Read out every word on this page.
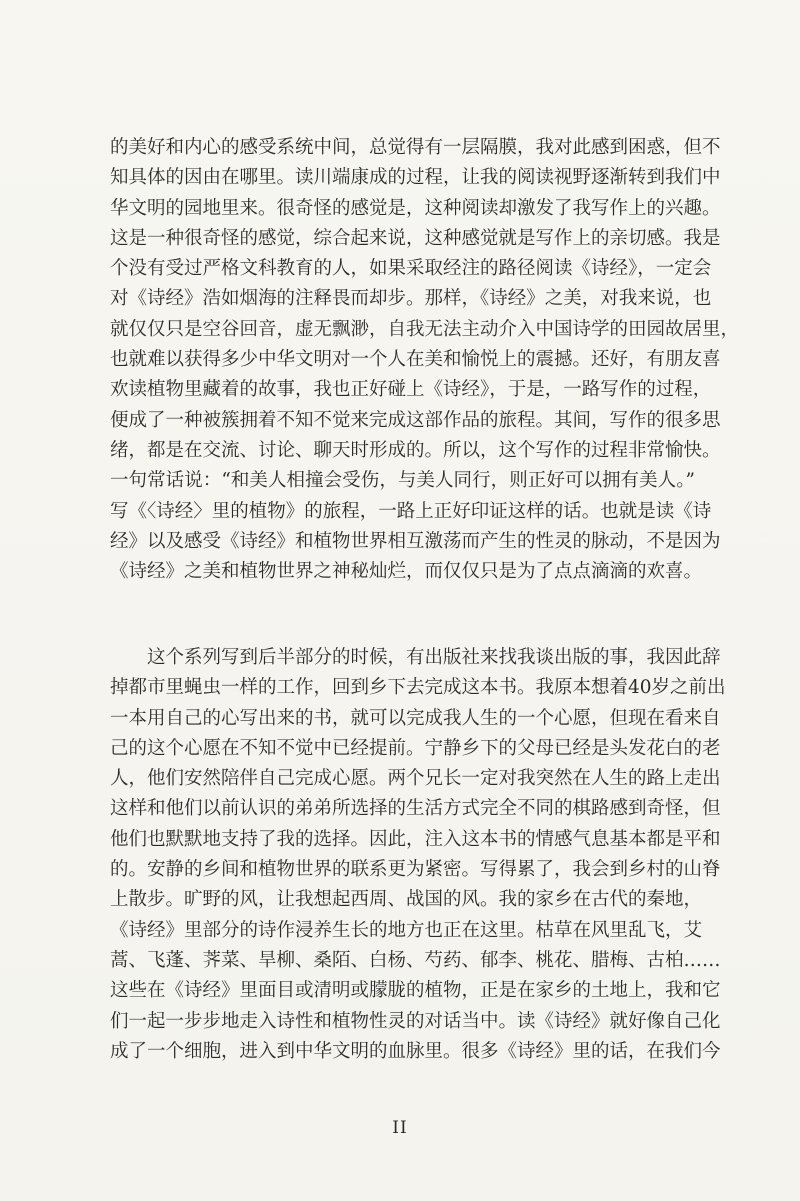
的美好和内心的感受系统中间，总觉得有一层隔膜，我对此感到困惑，但不
知具体的因由在哪里。读川端康成的过程，让我的阅读视野逐渐转到我们中
华文明的园地里来。很奇怪的感觉是，这种阅读却激发了我写作上的兴趣。
这是一种很奇怪的感觉，综合起来说，这种感觉就是写作上的亲切感。我是
个没有受过严格文科教育的人，如果采取经注的路径阅读《诗经》，一定会
对《诗经》浩如烟海的注释畏而却步。那样，《诗经》之美，对我来说，也
就仅仅只是空谷回音，虚无飘渺，自我无法主动介入中国诗学的田园故居里，
也就难以获得多少中华文明对一个人在美和愉悦上的震撼。还好，有朋友喜
欢读植物里藏着的故事，我也正好碰上《诗经》，于是，一路写作的过程，
便成了一种被簇拥着不知不觉来完成这部作品的旅程。其间，写作的很多思
绪，都是在交流、讨论、聊天时形成的。所以，这个写作的过程非常愉快。
一句常话说：“和美人相撞会受伤，与美人同行，则正好可以拥有美人。”
写《〈诗经〉里的植物》的旅程，一路上正好印证这样的话。也就是读《诗
经》以及感受《诗经》和植物世界相互激荡而产生的性灵的脉动，不是因为
《诗经》之美和植物世界之神秘灿烂，而仅仅只是为了点点滴滴的欢喜。
这个系列写到后半部分的时候，有出版社来找我谈出版的事，我因此辞
掉都市里蝇虫一样的工作，回到乡下去完成这本书。我原本想着40岁之前出
一本用自己的心写出来的书，就可以完成我人生的一个心愿，但现在看来自
己的这个心愿在不知不觉中已经提前。宁静乡下的父母已经是头发花白的老
人，他们安然陪伴自己完成心愿。两个兄长一定对我突然在人生的路上走出
这样和他们以前认识的弟弟所选择的生活方式完全不同的棋路感到奇怪，但
他们也默默地支持了我的选择。因此，注入这本书的情感气息基本都是平和
的。安静的乡间和植物世界的联系更为紧密。写得累了，我会到乡村的山脊
上散步。旷野的风，让我想起西周、战国的风。我的家乡在古代的秦地，
《诗经》里部分的诗作浸养生长的地方也正在这里。枯草在风里乱飞，艾
蒿、飞蓬、荠菜、旱柳、桑陌、白杨、芍药、郁李、桃花、腊梅、古柏……
这些在《诗经》里面目或清明或朦胧的植物，正是在家乡的土地上，我和它
们一起一步步地走入诗性和植物性灵的对话当中。读《诗经》就好像自己化
成了一个细胞，进入到中华文明的血脉里。很多《诗经》里的话，在我们今
II
